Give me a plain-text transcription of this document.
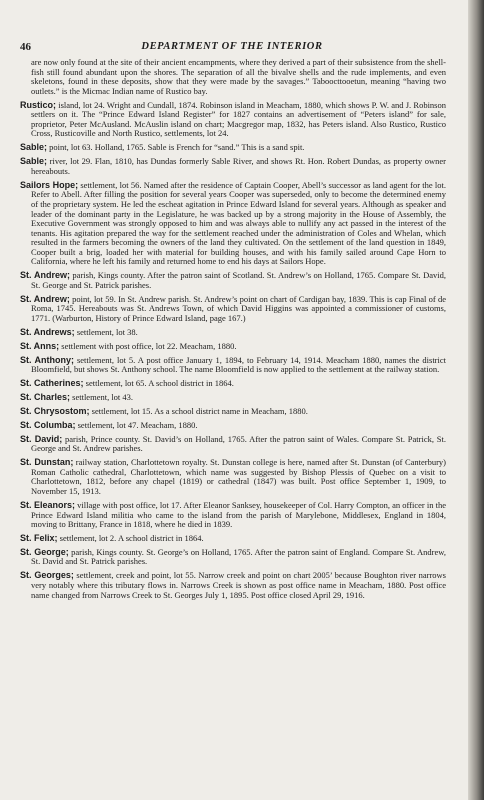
46	DEPARTMENT OF THE INTERIOR

are now only found at the site of their ancient encampments, where they derived a part of their subsistence from the shell-fish still found abundant upon the shores. The separation of all the bivalve shells and the rude implements, and even skeletons, found in these deposits, show that they were made by the savages.” Taboocttooetun, meaning “having two outlets.” is the Micmac Indian name of Rustico bay.

Rustico; island, lot 24. Wright and Cundall, 1874. Robinson island in Meacham, 1880, which shows P. W. and J. Robinson settlers on it. The “Prince Edward Island Register” for 1827 contains an advertisement of “Peters island” for sale, proprietor, Peter McAusland. McAuslin island on chart; Macgregor map, 1832, has Peters island. Also Rustico, Rustico Cross, Rusticoville and North Rustico, settlements, lot 24.

Sable; point, lot 63. Holland, 1765. Sable is French for “sand.” This is a sand spit.

Sable; river, lot 29. Flan, 1810, has Dundas formerly Sable River, and shows Rt. Hon. Robert Dundas, as property owner hereabouts.

Sailors Hope; settlement, lot 56. Named after the residence of Captain Cooper, Abell’s successor as land agent for the lot. Refer to Abell. After filling the position for several years Cooper was superseded, only to become the determined enemy of the proprietary system. He led the escheat agitation in Prince Edward Island for several years. Although as speaker and leader of the dominant party in the Legislature, he was backed up by a strong majority in the House of Assembly, the Executive Government was strongly opposed to him and was always able to nullify any act passed in the interest of the tenants. His agitation prepared the way for the settlement reached under the administration of Coles and Whelan, which resulted in the farmers becoming the owners of the land they cultivated. On the settlement of the land question in 1849, Cooper built a brig, loaded her with material for building houses, and with his family sailed around Cape Horn to California, where he left his family and returned home to end his days at Sailors Hope.

St. Andrew; parish, Kings county. After the patron saint of Scotland. St. Andrew’s on Holland, 1765. Compare St. David, St. George and St. Patrick parishes.

St. Andrew; point, lot 59. In St. Andrew parish. St. Andrew’s point on chart of Cardigan bay, 1839. This is cap Final of de Roma, 1745. Hereabouts was St. Andrews Town, of which David Higgins was appointed a commissioner of customs, 1771. (Warburton, History of Prince Edward Island, page 167.)

St. Andrews; settlement, lot 38.

St. Anns; settlement with post office, lot 22. Meacham, 1880.

St. Anthony; settlement, lot 5. A post office January 1, 1894, to February 14, 1914. Meacham 1880, names the district Bloomfield, but shows St. Anthony school. The name Bloomfield is now applied to the settlement at the railway station.

St. Catherines; settlement, lot 65. A school district in 1864.

St. Charles; settlement, lot 43.

St. Chrysostom; settlement, lot 15. As a school district name in Meacham, 1880.

St. Columba; settlement, lot 47. Meacham, 1880.

St. David; parish, Prince county. St. David’s on Holland, 1765. After the patron saint of Wales. Compare St. Patrick, St. George and St. Andrew parishes.

St. Dunstan; railway station, Charlottetown royalty. St. Dunstan college is here, named after St. Dunstan (of Canterbury) Roman Catholic cathedral, Charlottetown, which name was suggested by Bishop Plessis of Quebec on a visit to Charlottetown, 1812, before any chapel (1819) or cathedral (1847) was built. Post office September 1, 1909, to November 15, 1913.

St. Eleanors; village with post office, lot 17. After Eleanor Sanksey, housekeeper of Col. Harry Compton, an officer in the Prince Edward Island militia who came to the island from the parish of Marylebone, Middlesex, England in 1804, moving to Brittany, France in 1818, where he died in 1839.

St. Felix; settlement, lot 2. A school district in 1864.

St. George; parish, Kings county. St. George’s on Holland, 1765. After the patron saint of England. Compare St. Andrew, St. David and St. Patrick parishes.

St. Georges; settlement, creek and point, lot 55. Narrow creek and point on chart 2005’ because Boughton river narrows very notably where this tributary flows in. Narrows Creek is shown as post office name in Meacham, 1880. Post office name changed from Narrows Creek to St. Georges July 1, 1895. Post office closed April 29, 1916.
